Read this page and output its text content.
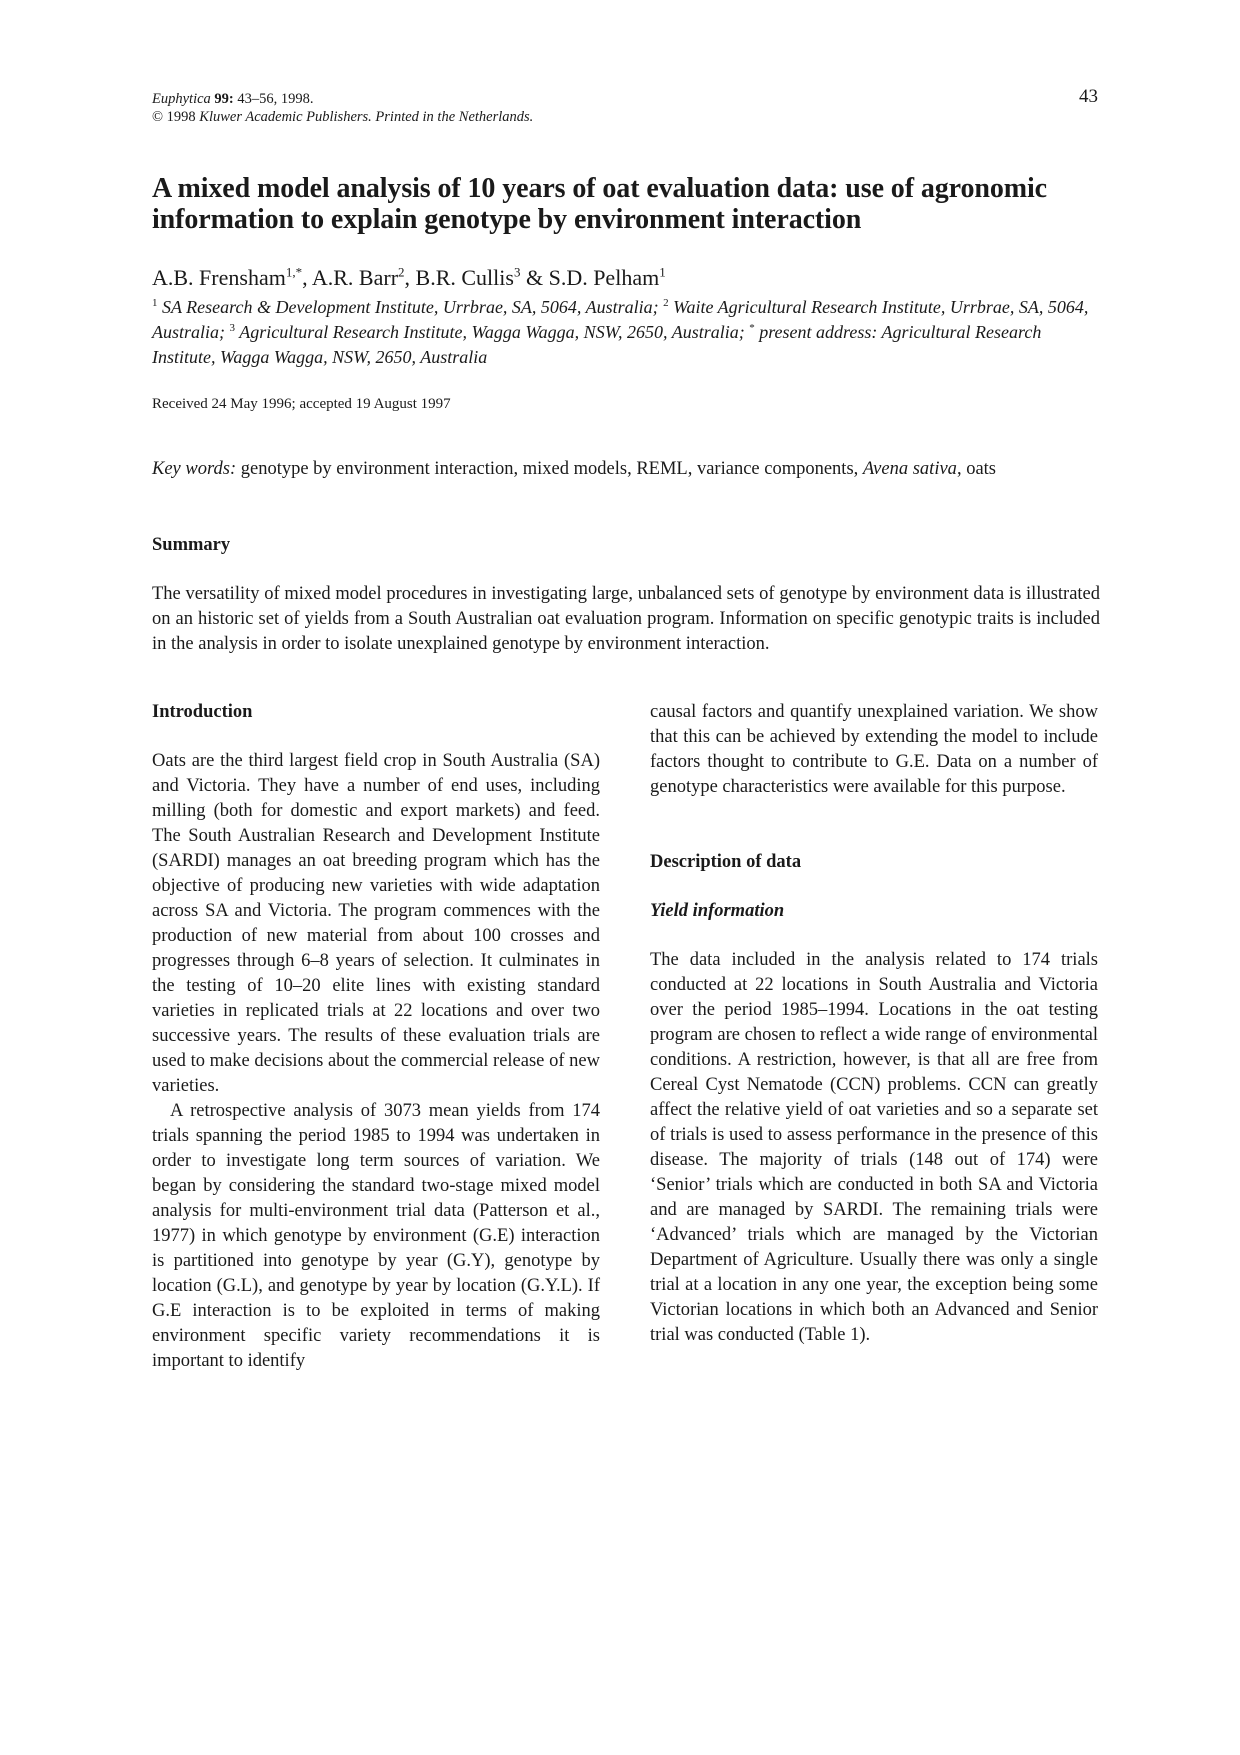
Euphytica 99: 43–56, 1998.
© 1998 Kluwer Academic Publishers. Printed in the Netherlands.
43
A mixed model analysis of 10 years of oat evaluation data: use of agronomic information to explain genotype by environment interaction
A.B. Frensham$^{1,*}$, A.R. Barr$^2$, B.R. Cullis$^3$ & S.D. Pelham$^1$
$^1$ SA Research & Development Institute, Urrbrae, SA, 5064, Australia; $^2$ Waite Agricultural Research Institute, Urrbrae, SA, 5064, Australia; $^3$ Agricultural Research Institute, Wagga Wagga, NSW, 2650, Australia; * present address: Agricultural Research Institute, Wagga Wagga, NSW, 2650, Australia
Received 24 May 1996; accepted 19 August 1997
Key words: genotype by environment interaction, mixed models, REML, variance components, Avena sativa, oats
Summary

The versatility of mixed model procedures in investigating large, unbalanced sets of genotype by environment data is illustrated on an historic set of yields from a South Australian oat evaluation program. Information on specific genotypic traits is included in the analysis in order to isolate unexplained genotype by environment interaction.

Introduction

Oats are the third largest field crop in South Australia (SA) and Victoria. They have a number of end uses, including milling (both for domestic and export markets) and feed. The South Australian Research and Development Institute (SARDI) manages an oat breeding program which has the objective of producing new varieties with wide adaptation across SA and Victoria. The program commences with the production of new material from about 100 crosses and progresses through 6–8 years of selection. It culminates in the testing of 10–20 elite lines with existing standard varieties in replicated trials at 22 locations and over two successive years. The results of these evaluation trials are used to make decisions about the commercial release of new varieties.

A retrospective analysis of 3073 mean yields from 174 trials spanning the period 1985 to 1994 was undertaken in order to investigate long term sources of variation. We began by considering the standard two-stage mixed model analysis for multi-environment trial data (Patterson et al., 1977) in which genotype by environment (G.E) interaction is partitioned into genotype by year (G.Y), genotype by location (G.L), and genotype by year by location (G.Y.L). If G.E interaction is to be exploited in terms of making environment specific variety recommendations it is important to identify

causal factors and quantify unexplained variation. We show that this can be achieved by extending the model to include factors thought to contribute to G.E. Data on a number of genotype characteristics were available for this purpose.

Description of data
Yield information

The data included in the analysis related to 174 trials conducted at 22 locations in South Australia and Victoria over the period 1985–1994. Locations in the oat testing program are chosen to reflect a wide range of environmental conditions. A restriction, however, is that all are free from Cereal Cyst Nematode (CCN) problems. CCN can greatly affect the relative yield of oat varieties and so a separate set of trials is used to assess performance in the presence of this disease. The majority of trials (148 out of 174) were ‘Senior’ trials which are conducted in both SA and Victoria and are managed by SARDI. The remaining trials were ‘Advanced’ trials which are managed by the Victorian Department of Agriculture. Usually there was only a single trial at a location in any one year, the exception being some Victorian locations in which both an Advanced and Senior trial was conducted (Table 1).
